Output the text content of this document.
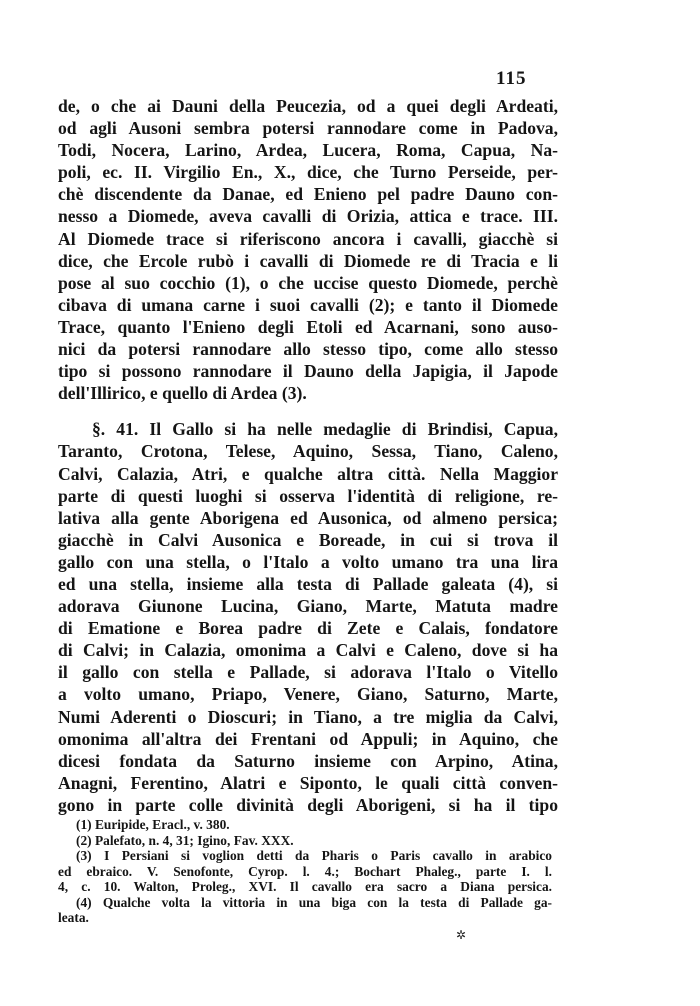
115
de, o che ai Dauni della Peucezia, od a quei degli Ardeati,
od agli Ausoni sembra potersi rannodare come in Padova,
Todi, Nocera, Larino, Ardea, Lucera, Roma, Capua, Na-
poli, ec. II. Virgilio En., X., dice, che Turno Perseide, per-
chè discendente da Danae, ed Enieno pel padre Dauno con-
nesso a Diomede, aveva cavalli di Orizia, attica e trace. III.
Al Diomede trace si riferiscono ancora i cavalli, giacchè si
dice, che Ercole rubò i cavalli di Diomede re di Tracia e li
pose al suo cocchio (1), o che uccise questo Diomede, perchè
cibava di umana carne i suoi cavalli (2); e tanto il Diomede
Trace, quanto l'Enieno degli Etoli ed Acarnani, sono auso-
nici da potersi rannodare allo stesso tipo, come allo stesso
tipo si possono rannodare il Dauno della Japigia, il Japode
dell'Illirico, e quello di Ardea (3).
§. 41. Il Gallo si ha nelle medaglie di Brindisi, Capua,
Taranto, Crotona, Telese, Aquino, Sessa, Tiano, Caleno,
Calvi, Calazia, Atri, e qualche altra città. Nella Maggior
parte di questi luoghi si osserva l'identità di religione, re-
lativa alla gente Aborigena ed Ausonica, od almeno persica;
giacchè in Calvi Ausonica e Boreade, in cui si trova il
gallo con una stella, o l'Italo a volto umano tra una lira
ed una stella, insieme alla testa di Pallade galeata (4), si
adorava Giunone Lucina, Giano, Marte, Matuta madre
di Ematione e Borea padre di Zete e Calais, fondatore
di Calvi; in Calazia, omonima a Calvi e Caleno, dove si ha
il gallo con stella e Pallade, si adorava l'Italo o Vitello
a volto umano, Priapo, Venere, Giano, Saturno, Marte,
Numi Aderenti o Dioscuri; in Tiano, a tre miglia da Calvi,
omonima all'altra dei Frentani od Appuli; in Aquino, che
dicesi fondata da Saturno insieme con Arpino, Atina,
Anagni, Ferentino, Alatri e Siponto, le quali città conven-
gono in parte colle divinità degli Aborigeni, si ha il tipo
(1) Euripide, Eracl., v. 380.
(2) Palefato, n. 4, 31; Igino, Fav. XXX.
(3) I Persiani si voglion detti da Pharis o Paris cavallo in arabico
ed ebraico. V. Senofonte, Cyrop. l. 4.; Bochart Phaleg., parte I. l.
4, c. 10. Walton, Proleg., XVI. Il cavallo era sacro a Diana persica.
(4) Qualche volta la vittoria in una biga con la testa di Pallade ga-
leata.
✲
